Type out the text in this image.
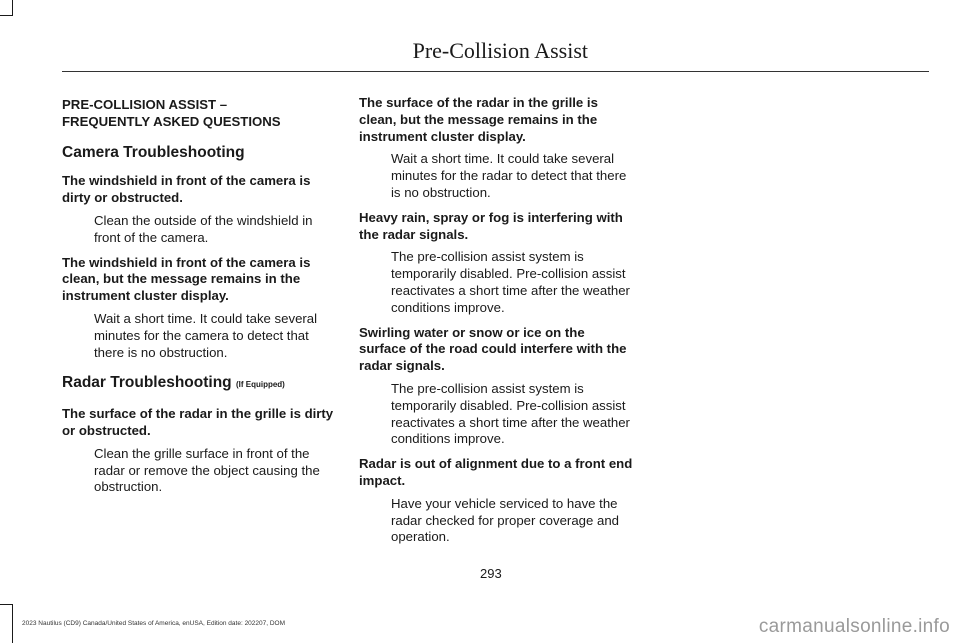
Pre-Collision Assist
PRE-COLLISION ASSIST –
FREQUENTLY ASKED QUESTIONS
Camera Troubleshooting
The windshield in front of the camera is dirty or obstructed.
Clean the outside of the windshield in front of the camera.
The windshield in front of the camera is clean, but the message remains in the instrument cluster display.
Wait a short time. It could take several minutes for the camera to detect that there is no obstruction.
Radar Troubleshooting (If Equipped)
The surface of the radar in the grille is dirty or obstructed.
Clean the grille surface in front of the radar or remove the object causing the obstruction.
The surface of the radar in the grille is clean, but the message remains in the instrument cluster display.
Wait a short time. It could take several minutes for the radar to detect that there is no obstruction.
Heavy rain, spray or fog is interfering with the radar signals.
The pre-collision assist system is temporarily disabled. Pre-collision assist reactivates a short time after the weather conditions improve.
Swirling water or snow or ice on the surface of the road could interfere with the radar signals.
The pre-collision assist system is temporarily disabled. Pre-collision assist reactivates a short time after the weather conditions improve.
Radar is out of alignment due to a front end impact.
Have your vehicle serviced to have the radar checked for proper coverage and operation.
293
2023 Nautilus (CD9) Canada/United States of America, enUSA, Edition date: 202207, DOM	carmanualsonline.info
